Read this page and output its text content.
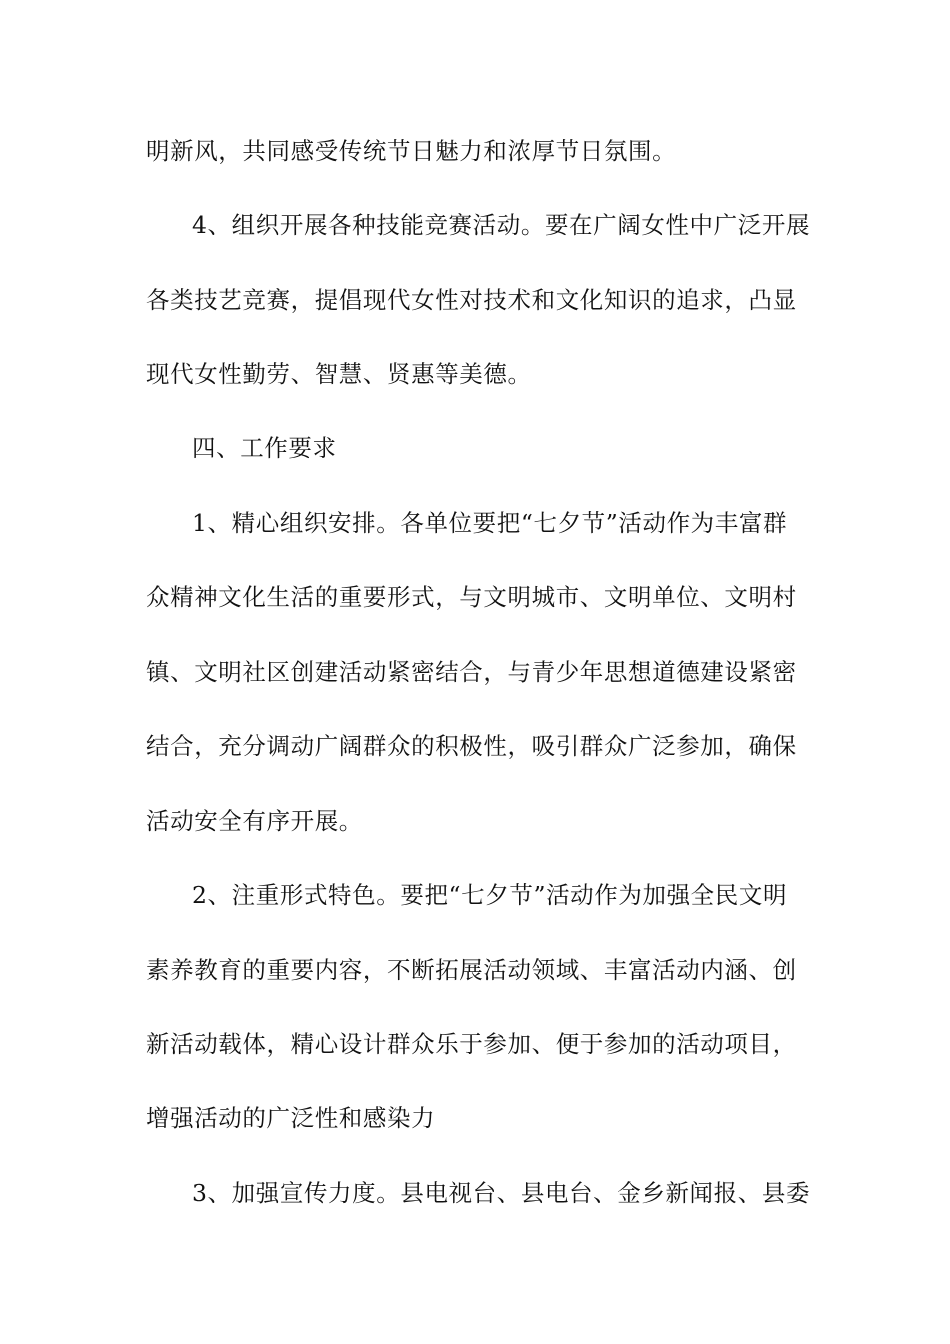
明新风，共同感受传统节日魅力和浓厚节日氛围。
4、组织开展各种技能竞赛活动。要在广阔女性中广泛开展
各类技艺竞赛，提倡现代女性对技术和文化知识的追求，凸显
现代女性勤劳、智慧、贤惠等美德。
四、工作要求
1、精心组织安排。各单位要把“七夕节”活动作为丰富群
众精神文化生活的重要形式，与文明城市、文明单位、文明村
镇、文明社区创建活动紧密结合，与青少年思想道德建设紧密
结合，充分调动广阔群众的积极性，吸引群众广泛参加，确保
活动安全有序开展。
2、注重形式特色。要把“七夕节”活动作为加强全民文明
素养教育的重要内容，不断拓展活动领域、丰富活动内涵、创
新活动载体，精心设计群众乐于参加、便于参加的活动项目，
增强活动的广泛性和感染力
3、加强宣传力度。县电视台、县电台、金乡新闻报、县委
